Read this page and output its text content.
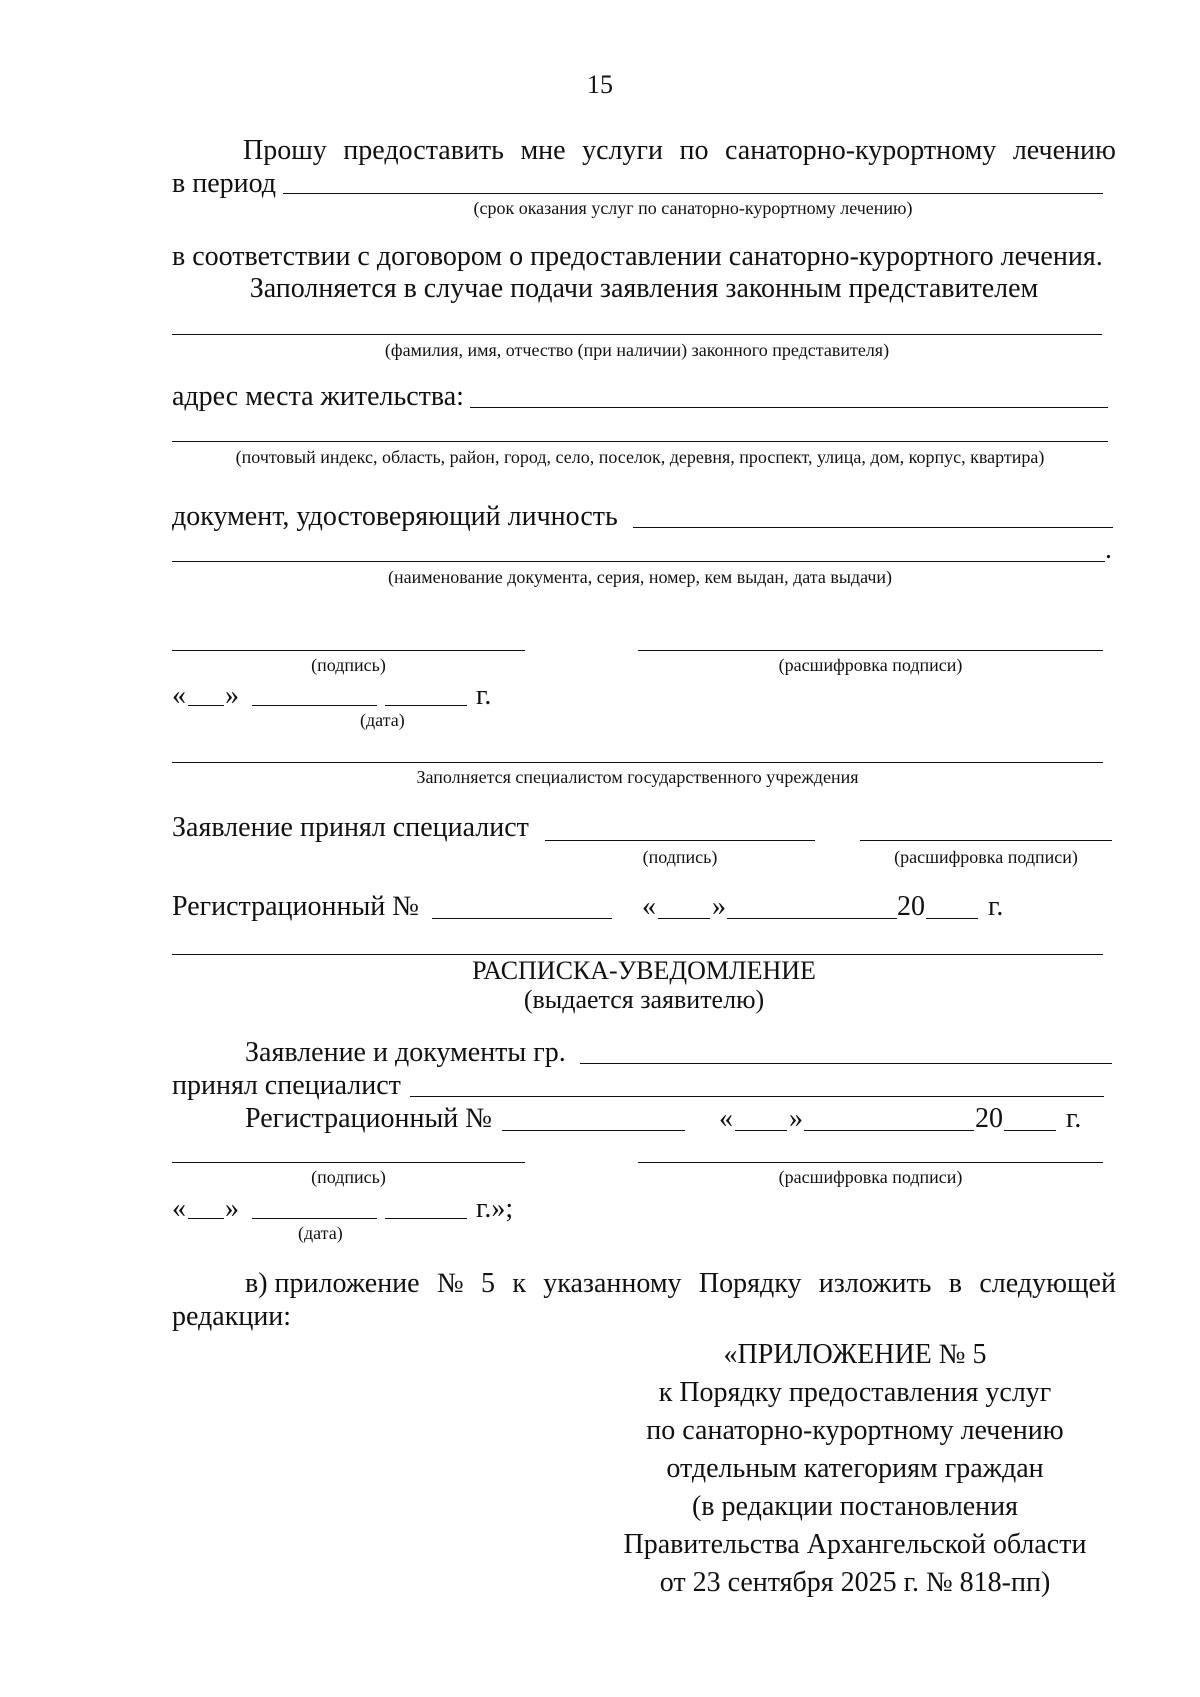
15
Прошу предоставить мне услуги по санаторно-курортному лечению
в период
(срок оказания услуг по санаторно-курортному лечению)
в соответствии с договором о предоставлении санаторно-курортного лечения.
Заполняется в случае подачи заявления законным представителем
(фамилия, имя, отчество (при наличии) законного представителя)
адрес места жительства:
(почтовый индекс, область, район, город, село, поселок, деревня, проспект, улица, дом, корпус, квартира)
документ, удостоверяющий личность
.
(наименование документа, серия, номер, кем выдан, дата выдачи)
(подпись)	(расшифровка подписи)
« »	г.
(дата)
Заполняется специалистом государственного учреждения
Заявление принял специалист
(подпись)	(расшифровка подписи)
Регистрационный №	« »	20 г.
РАСПИСКА-УВЕДОМЛЕНИЕ
(выдается заявителю)
Заявление и документы гр.
принял специалист
Регистрационный №	« »	20 г.
(подпись)	(расшифровка подписи)
« »	г.»;
(дата)
в) приложение № 5 к указанному Порядку изложить в следующей
редакции:
«ПРИЛОЖЕНИЕ № 5
к Порядку предоставления услуг
по санаторно-курортному лечению
отдельным категориям граждан
(в редакции постановления
Правительства Архангельской области
от 23 сентября 2025 г. № 818-пп)
